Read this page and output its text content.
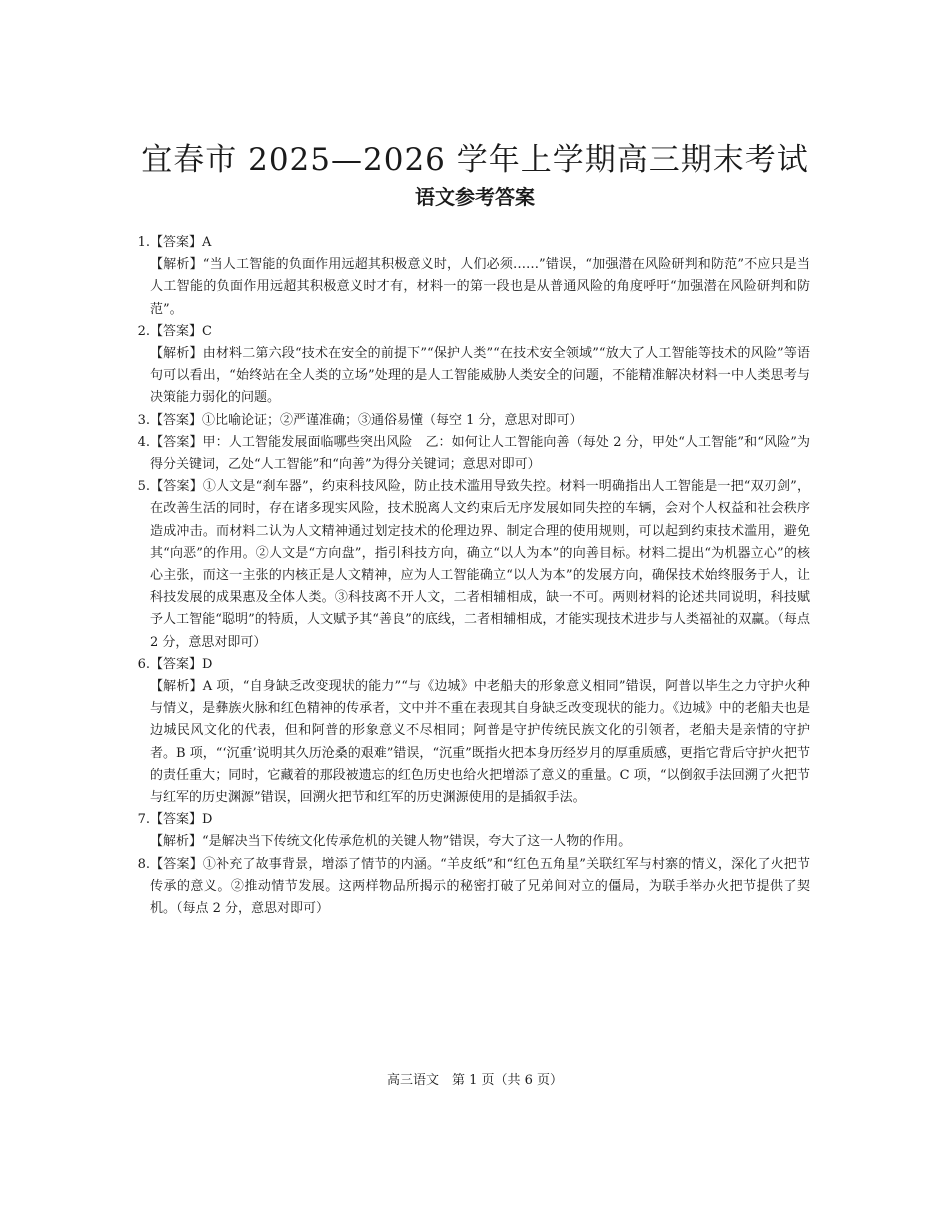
宜春市 2025—2026 学年上学期高三期末考试
语文参考答案
1.【答案】A
【解析】“当人工智能的负面作用远超其积极意义时，人们必须……”错误，“加强潜在风险研判和防范”不应只是当人工智能的负面作用远超其积极意义时才有，材料一的第一段也是从普通风险的角度呼吁“加强潜在风险研判和防范”。
2.【答案】C
【解析】由材料二第六段“技术在安全的前提下”“保护人类”“在技术安全领域”“放大了人工智能等技术的风险”等语句可以看出，“始终站在全人类的立场”处理的是人工智能威胁人类安全的问题，不能精准解决材料一中人类思考与决策能力弱化的问题。
3.【答案】①比喻论证；②严谨准确；③通俗易懂（每空 1 分，意思对即可）
4.【答案】甲：人工智能发展面临哪些突出风险　乙：如何让人工智能向善（每处 2 分，甲处“人工智能”和“风险”为得分关键词，乙处“人工智能”和“向善”为得分关键词；意思对即可）
5.【答案】①人文是“刹车器”，约束科技风险，防止技术滥用导致失控。材料一明确指出人工智能是一把“双刃剑”，在改善生活的同时，存在诸多现实风险，技术脱离人文约束后无序发展如同失控的车辆，会对个人权益和社会秩序造成冲击。而材料二认为人文精神通过划定技术的伦理边界、制定合理的使用规则，可以起到约束技术滥用，避免其“向恶”的作用。②人文是“方向盘”，指引科技方向，确立“以人为本”的向善目标。材料二提出“为机器立心”的核心主张，而这一主张的内核正是人文精神，应为人工智能确立“以人为本”的发展方向，确保技术始终服务于人，让科技发展的成果惠及全体人类。③科技离不开人文，二者相辅相成，缺一不可。两则材料的论述共同说明，科技赋予人工智能“聪明”的特质，人文赋予其“善良”的底线，二者相辅相成，才能实现技术进步与人类福祉的双赢。（每点 2 分，意思对即可）
6.【答案】D
【解析】A 项，“自身缺乏改变现状的能力”“与《边城》中老船夫的形象意义相同”错误，阿普以毕生之力守护火种与情义，是彝族火脉和红色精神的传承者，文中并不重在表现其自身缺乏改变现状的能力。《边城》中的老船夫也是边城民风文化的代表，但和阿普的形象意义不尽相同；阿普是守护传统民族文化的引领者，老船夫是亲情的守护者。B 项，“‘沉重’说明其久历沧桑的艰难”错误，“沉重”既指火把本身历经岁月的厚重质感，更指它背后守护火把节的责任重大；同时，它藏着的那段被遗忘的红色历史也给火把增添了意义的重量。C 项，“以倒叙手法回溯了火把节与红军的历史渊源”错误，回溯火把节和红军的历史渊源使用的是插叙手法。
7.【答案】D
【解析】“是解决当下传统文化传承危机的关键人物”错误，夸大了这一人物的作用。
8.【答案】①补充了故事背景，增添了情节的内涵。“羊皮纸”和“红色五角星”关联红军与村寨的情义，深化了火把节传承的意义。②推动情节发展。这两样物品所揭示的秘密打破了兄弟间对立的僵局，为联手举办火把节提供了契机。（每点 2 分，意思对即可）
高三语文　第 1 页（共 6 页）
